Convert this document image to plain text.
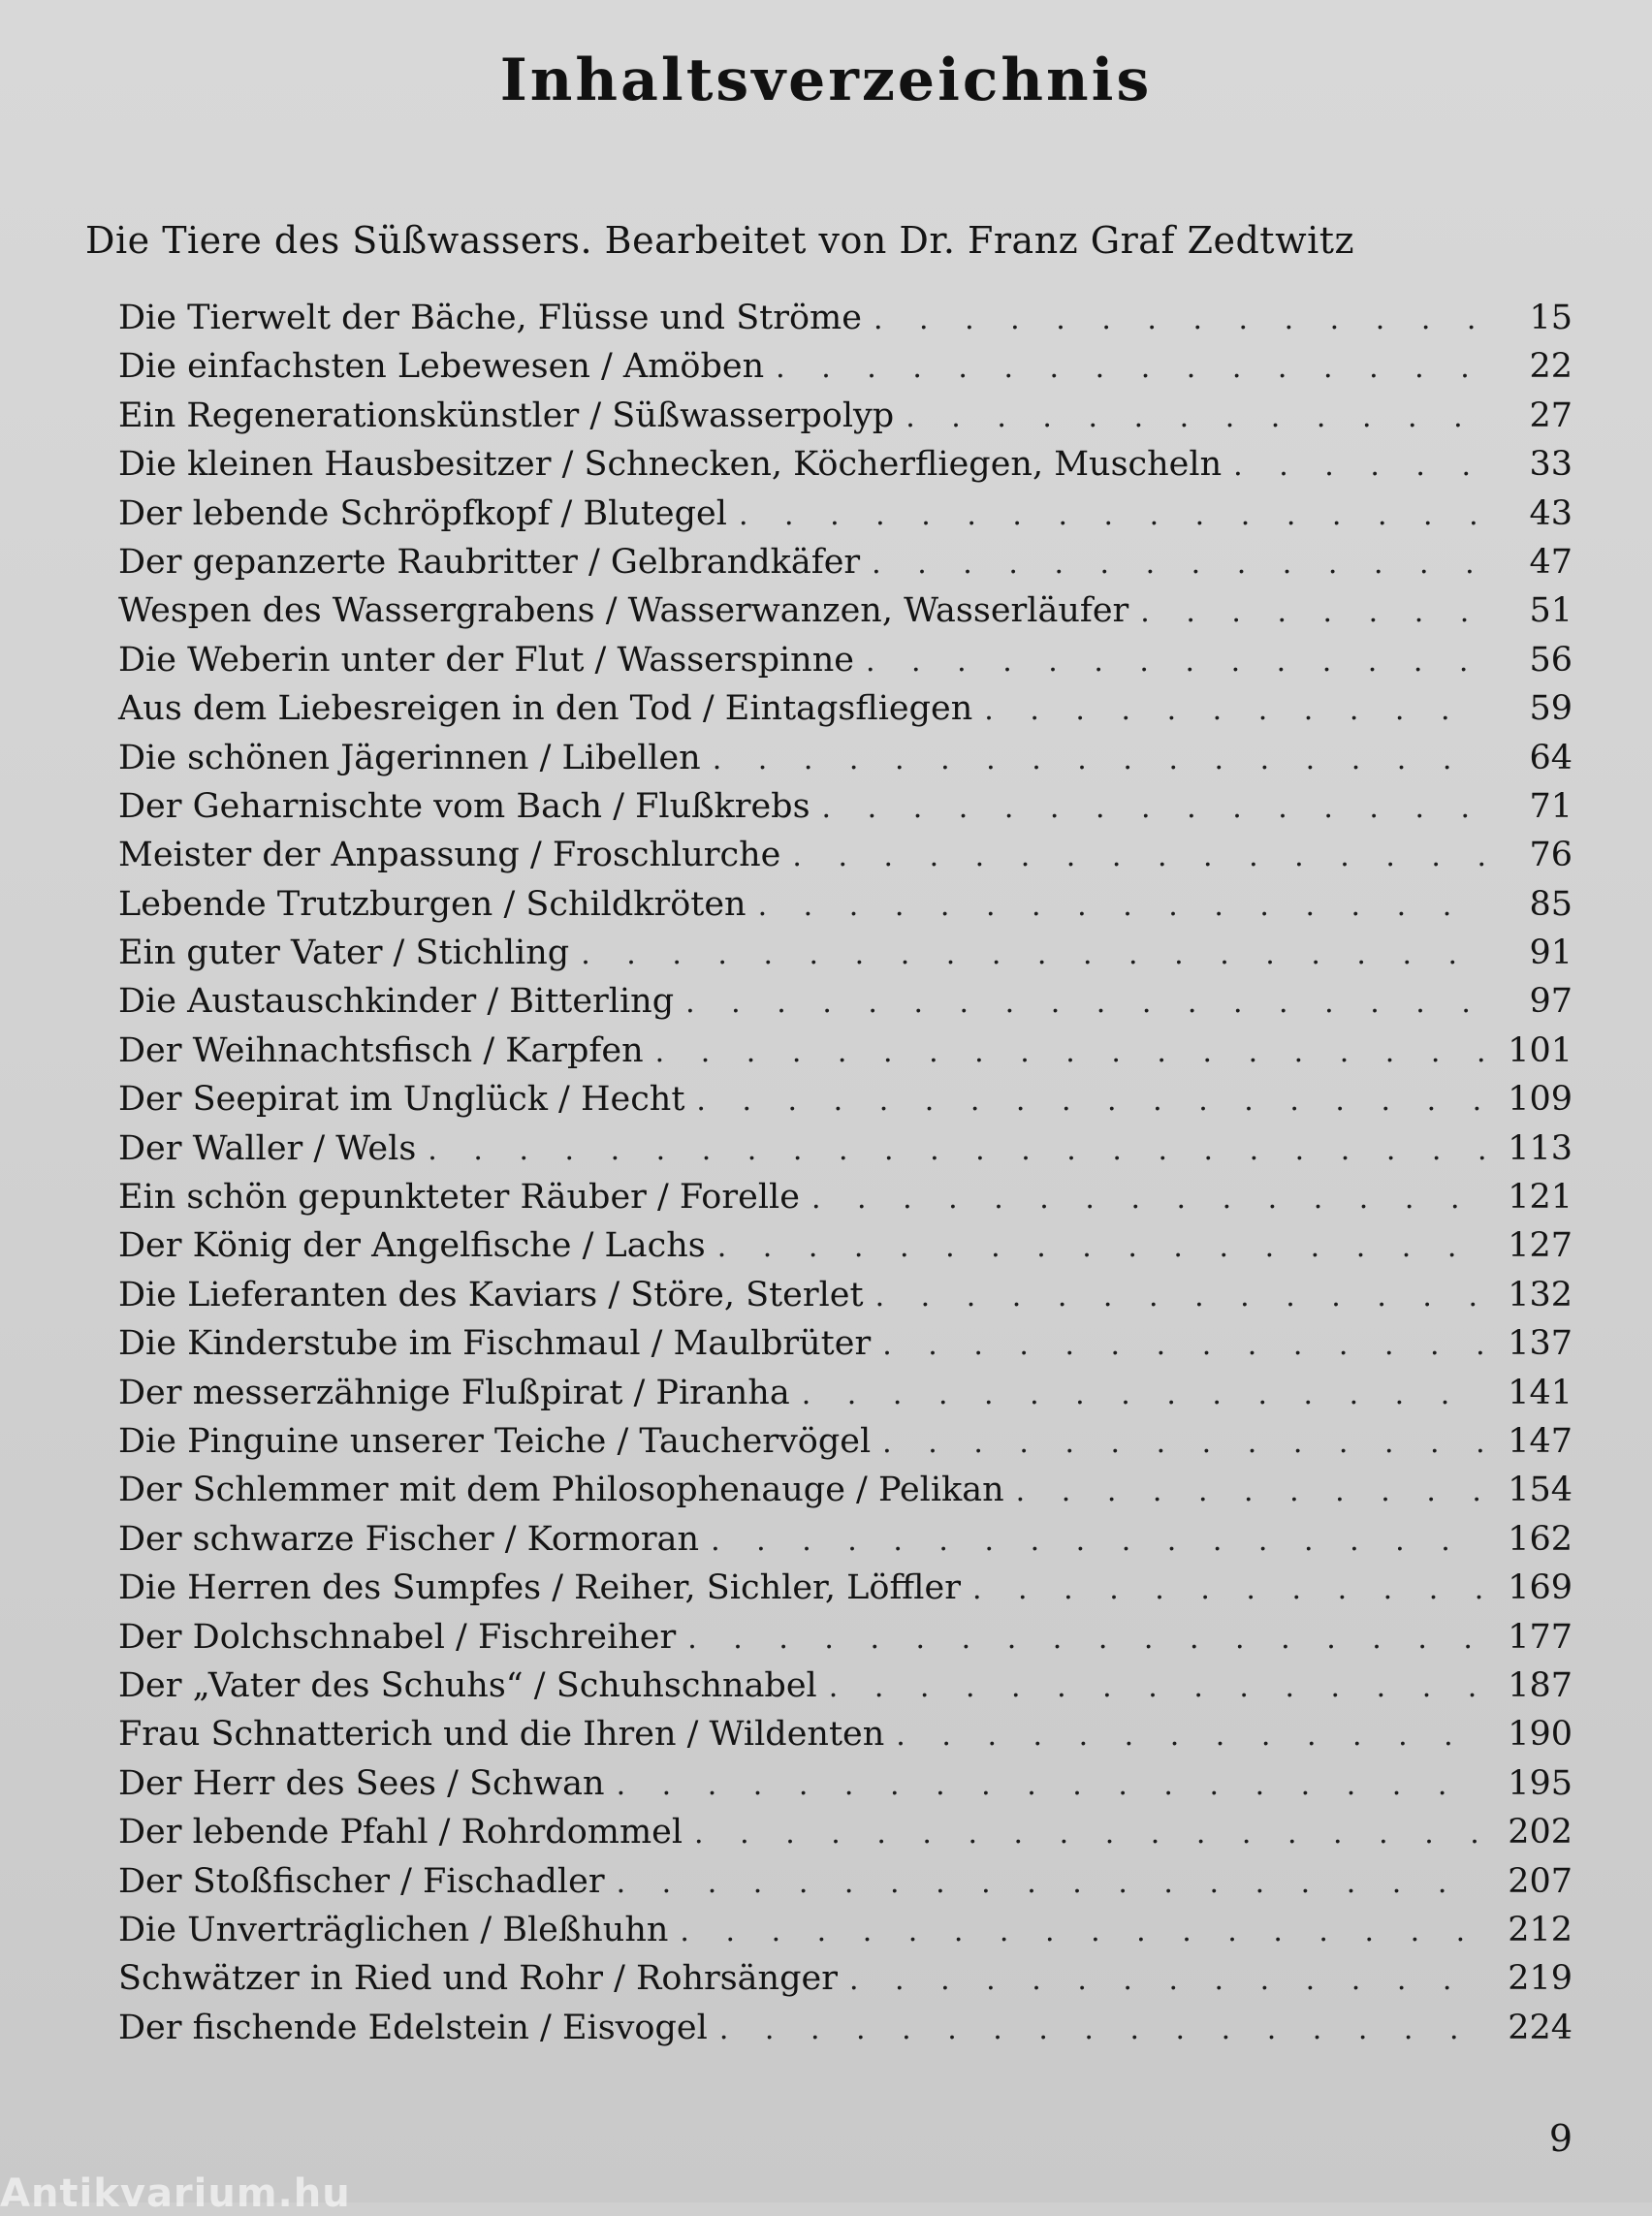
Inhaltsverzeichnis
Die Tiere des Süßwassers. Bearbeitet von Dr. Franz Graf Zedtwitz
Die Tierwelt der Bäche, Flüsse und Ströme . . .	15
Die einfachsten Lebewesen / Amöben . . .	22
Ein Regenerationskünstler / Süßwasserpolyp . . .	27
Die kleinen Hausbesitzer / Schnecken, Köcherfliegen, Muscheln . . .	33
Der lebende Schröpfkopf / Blutegel . . .	43
Der gepanzerte Raubritter / Gelbrandkäfer . . .	47
Wespen des Wassergrabens / Wasserwanzen, Wasserläufer . . .	51
Die Weberin unter der Flut / Wasserspinne . . .	56
Aus dem Liebesreigen in den Tod / Eintagsfliegen . . .	59
Die schönen Jägerinnen / Libellen . . .	64
Der Geharnischte vom Bach / Flußkrebs . . .	71
Meister der Anpassung / Froschlurche . . .	76
Lebende Trutzburgen / Schildkröten . . .	85
Ein guter Vater / Stichling . . .	91
Die Austauschkinder / Bitterling . . .	97
Der Weihnachtsfisch / Karpfen . . .	101
Der Seepirat im Unglück / Hecht . . .	109
Der Waller / Wels . . .	113
Ein schön gepunkteter Räuber / Forelle . . .	121
Der König der Angelfische / Lachs . . .	127
Die Lieferanten des Kaviars / Störe, Sterlet . . .	132
Die Kinderstube im Fischmaul / Maulbrüter . . .	137
Der messerzähnige Flußpirat / Piranha . . .	141
Die Pinguine unserer Teiche / Tauchervögel . . .	147
Der Schlemmer mit dem Philosophenauge / Pelikan . . .	154
Der schwarze Fischer / Kormoran . . .	162
Die Herren des Sumpfes / Reiher, Sichler, Löffler . . .	169
Der Dolchschnabel / Fischreiher . . .	177
Der „Vater des Schuhs“ / Schuhschnabel . . .	187
Frau Schnatterich und die Ihren / Wildenten . . .	190
Der Herr des Sees / Schwan . . .	195
Der lebende Pfahl / Rohrdommel . . .	202
Der Stoßfischer / Fischadler . . .	207
Die Unverträglichen / Bleßhuhn . . .	212
Schwätzer in Ried und Rohr / Rohrsänger . . .	219
Der fischende Edelstein / Eisvogel . . .	224
9
Antikvarium.hu
